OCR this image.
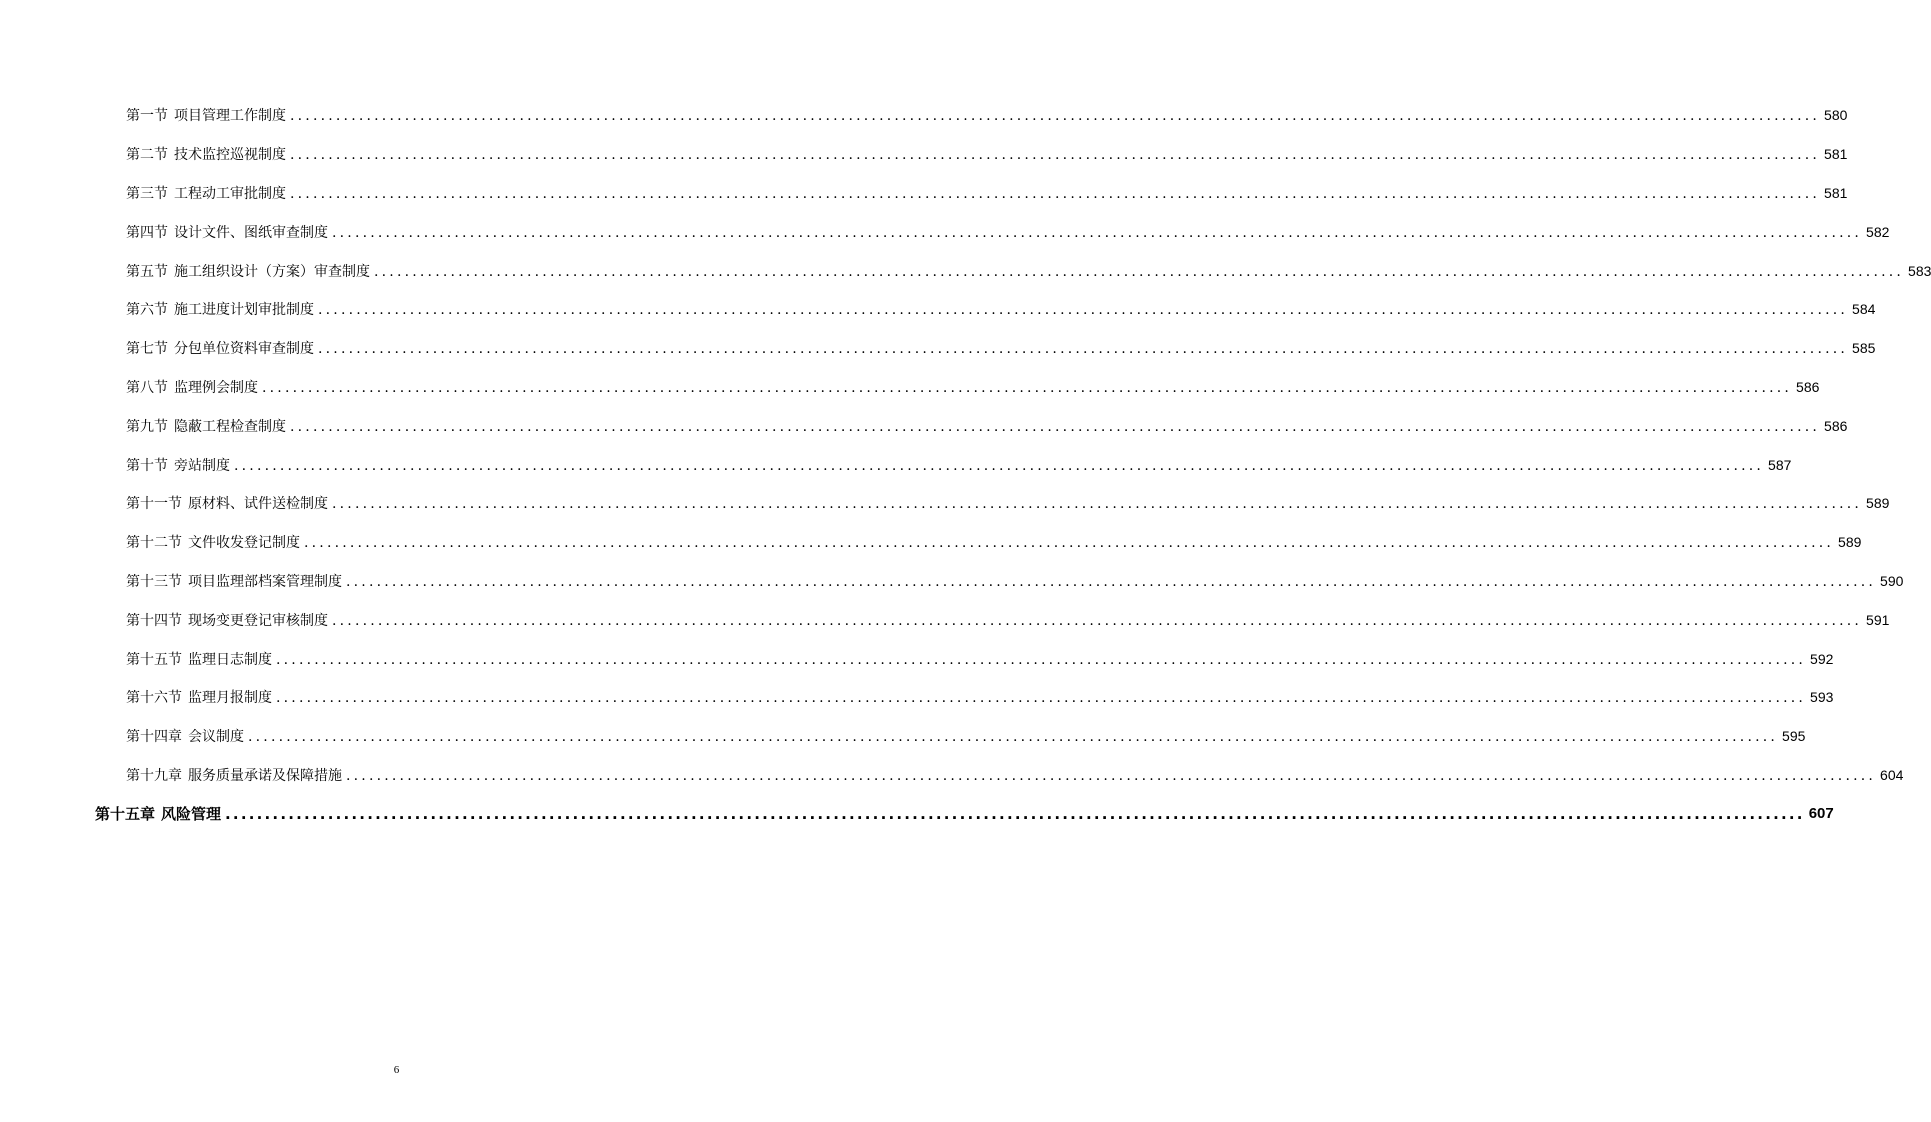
第一节 项目管理工作制度 ........................................................................................................................................................................................................ 580
第二节 技术监控巡视制度 ........................................................................................................................................................................................................ 581
第三节 工程动工审批制度 ........................................................................................................................................................................................................ 581
第四节 设计文件、图纸审查制度 ........................................................................................................................................................................................................ 582
第五节 施工组织设计（方案）审查制度 ........................................................................................................................................................................................................ 583
第六节 施工进度计划审批制度 ........................................................................................................................................................................................................ 584
第七节 分包单位资料审查制度 ........................................................................................................................................................................................................ 585
第八节 监理例会制度 ........................................................................................................................................................................................................ 586
第九节 隐蔽工程检查制度 ........................................................................................................................................................................................................ 586
第十节 旁站制度 ........................................................................................................................................................................................................ 587
第十一节 原材料、试件送检制度 ........................................................................................................................................................................................................ 589
第十二节 文件收发登记制度 ........................................................................................................................................................................................................ 589
第十三节 项目监理部档案管理制度 ........................................................................................................................................................................................................ 590
第十四节 现场变更登记审核制度 ........................................................................................................................................................................................................ 591
第十五节 监理日志制度 ........................................................................................................................................................................................................ 592
第十六节 监理月报制度 ........................................................................................................................................................................................................ 593
第十四章 会议制度 ........................................................................................................................................................................................................ 595
第十九章 服务质量承诺及保障措施 ........................................................................................................................................................................................................ 604
第十五章 风险管理 ........................................................................................................................................................................................................ 607
6
